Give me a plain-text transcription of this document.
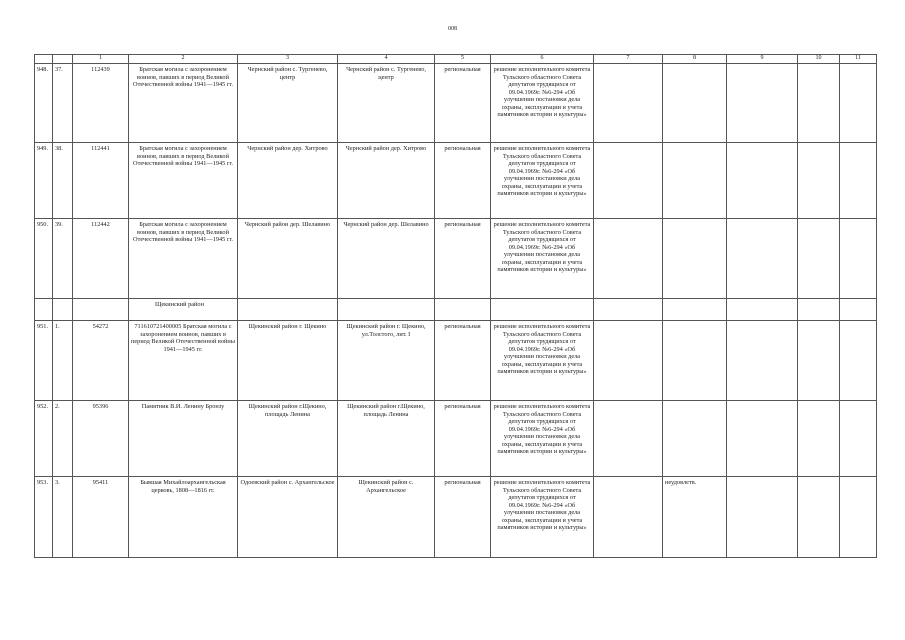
008
		1	2	3	4	5	6	7	8	9	10	11
948.	37.	112439	Братская могила с захоронением воинов, павших в период Великой Отечественной войны 1941—1945 гг.	Чернский район с. Тургенево, центр	Чернский район с. Тургенево, центр	региональная	решение исполнительного комитета Тульского областного Совета депутатов трудящихся от 09.04.1969г. №6-294 «Об улучшении постановки дела охраны, эксплуатации и учета памятников истории и культуры»					
949.	38.	112441	Братская могила с захоронением воинов, павших в период Великой Отечественной войны 1941—1945 гг.	Чернский район дер. Хитрово	Чернский район дер. Хитрово	региональная	решение исполнительного комитета Тульского областного Совета депутатов трудящихся от 09.04.1969г. №6-294 «Об улучшении постановки дела охраны, эксплуатации и учета памятников истории и культуры»					
950.	39.	112442	Братская могила с захоронением воинов, павших в период Великой Отечественной войны 1941—1945 гг.	Чернский район дер. Шелавино	Чернский район дер. Шелавино	региональная	решение исполнительного комитета Тульского областного Совета депутатов трудящихся от 09.04.1969г. №6-294 «Об улучшении постановки дела охраны, эксплуатации и учета памятников истории и культуры»					
			Щекинский район									
951.	1.	54272	711610721400005 Братская могила с захоронением воинов, павших в период Великой Отечественной войны 1941—1945 гг.	Щекинский район г. Щекино	Щекинский район г. Щекино, ул.Толстого, лит. I	региональная	решение исполнительного комитета Тульского областного Совета депутатов трудящихся от 09.04.1969г. №6-294 «Об улучшении постановки дела охраны, эксплуатации и учета памятников истории и культуры»					
952.	2.	95396	Памятник В.И. Ленину Бронзу	Щекинский район г.Щекино, площадь Ленина	Щекинский район г.Щекино, площадь Ленина	региональная	решение исполнительного комитета Тульского областного Совета депутатов трудящихся от 09.04.1969г. №6-294 «Об улучшении постановки дела охраны, эксплуатации и учета памятников истории и культуры»					
953.	3.	95411	Бывшая Михайлоархангельская церковь, 1808—1816 гг.	Одоевский район с. Архангельское	Щекинский район с. Архангельское	региональная	решение исполнительного комитета Тульского областного Совета депутатов трудящихся от 09.04.1969г. №6-294 «Об улучшении постановки дела охраны, эксплуатации и учета памятников истории и культуры»		неудовлетв.			
